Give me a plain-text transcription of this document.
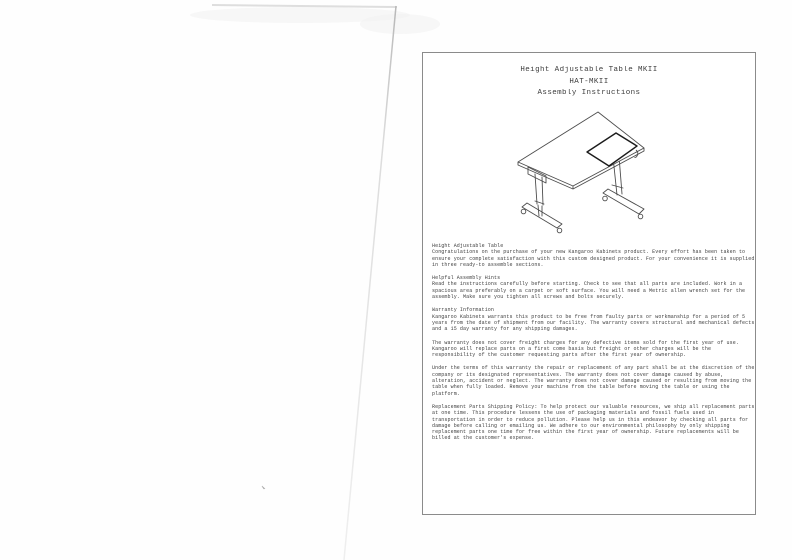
Height Adjustable Table MKII
HAT-MKII
Assembly Instructions

Height Adjustable Table

Congratulations on the purchase of your new Kangaroo Kabinets product. Every effort has been taken to ensure your complete satisfaction with this custom designed product. For your convenience it is supplied in three ready-to assemble sections.

Helpful Assembly Hints

Read the instructions carefully before starting. Check to see that all parts are included. Work in a spacious area preferably on a carpet or soft surface. You will need a Metric allen wrench set for the assembly. Make sure you tighten all screws and bolts securely.

Warranty Information

Kangaroo Kabinets warrants this product to be free from faulty parts or workmanship for a period of 5 years from the date of shipment from our facility. The warranty covers structural and mechanical defects and a 15 day warranty for any shipping damages.

The warranty does not cover freight charges for any defective items sold for the first year of use. Kangaroo will replace parts on a first come basis but freight or other charges will be the responsibility of the customer requesting parts after the first year of ownership.

Under the terms of this warranty the repair or replacement of any part shall be at the discretion of the company or its designated representatives. The warranty does not cover damage caused by abuse, alteration, accident or neglect. The warranty does not cover damage caused or resulting from moving the table when fully loaded. Remove your machine from the table before moving the table or using the platform.

Replacement Parts Shipping Policy: To help protect our valuable resources, we ship all replacement parts at one time. This procedure lessens the use of packaging materials and fossil fuels used in transportation in order to reduce pollution. Please help us in this endeavor by checking all parts for damage before calling or emailing us. We adhere to our environmental philosophy by only shipping replacement parts one time for free within the first year of ownership. Future replacements will be billed at the customer's expense.
